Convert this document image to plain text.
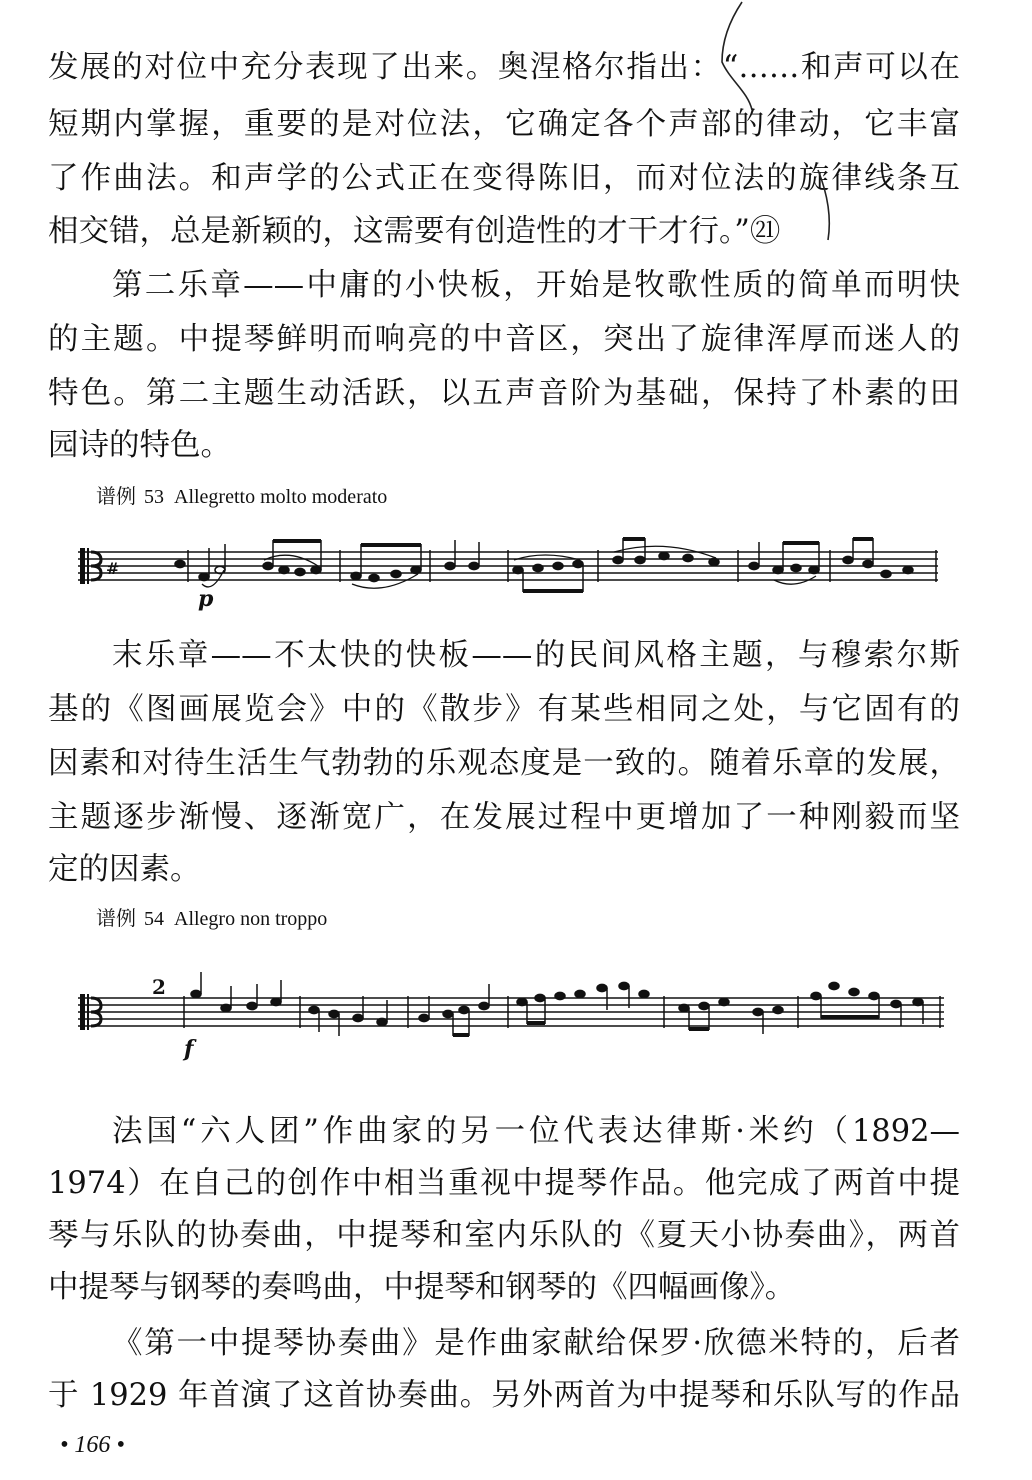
发展的对位中充分表现了出来。奥涅格尔指出：“……和声可以在
短期内掌握，重要的是对位法，它确定各个声部的律动，它丰富
了作曲法。和声学的公式正在变得陈旧，而对位法的旋律线条互
相交错，总是新颖的，这需要有创造性的才干才行。”㉑
第二乐章——中庸的小快板，开始是牧歌性质的简单而明快
的主题。中提琴鲜明而响亮的中音区，突出了旋律浑厚而迷人的
特色。第二主题生动活跃，以五声音阶为基础，保持了朴素的田
园诗的特色。
谱例 53 Allegretto molto moderato
#
p
末乐章——不太快的快板——的民间风格主题，与穆索尔斯
基的《图画展览会》中的《散步》有某些相同之处，与它固有的
因素和对待生活生气勃勃的乐观态度是一致的。随着乐章的发展，
主题逐步渐慢、逐渐宽广，在发展过程中更增加了一种刚毅而坚
定的因素。
谱例 54 Allegro non troppo
2
f
法国“六人团”作曲家的另一位代表达律斯·米约（1892—
1974）在自己的创作中相当重视中提琴作品。他完成了两首中提
琴与乐队的协奏曲，中提琴和室内乐队的《夏天小协奏曲》，两首
中提琴与钢琴的奏鸣曲，中提琴和钢琴的《四幅画像》。
《第一中提琴协奏曲》是作曲家献给保罗·欣德米特的，后者
于 1929 年首演了这首协奏曲。另外两首为中提琴和乐队写的作品
• 166 •
